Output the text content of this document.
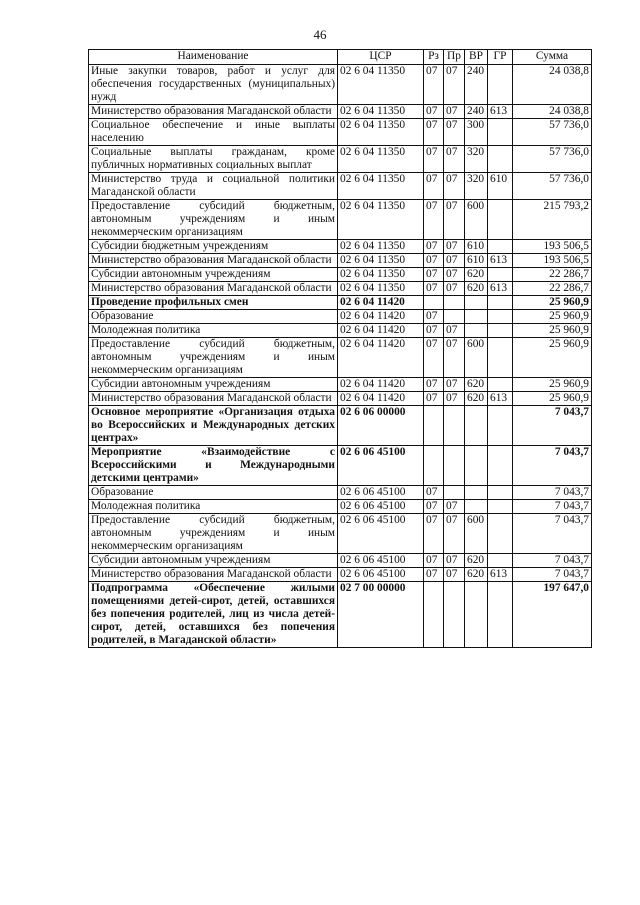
46
Наименование	ЦСР	Рз	Пр	ВР	ГР	Сумма
Иные закупки товаров, работ и услуг для обеспечения государственных (муниципальных) нужд	02 6 04 11350	07	07	240		24 038,8
Министерство образования Магаданской области	02 6 04 11350	07	07	240	613	24 038,8
Социальное обеспечение и иные выплаты населению	02 6 04 11350	07	07	300		57 736,0
Социальные выплаты гражданам, кроме публичных нормативных социальных выплат	02 6 04 11350	07	07	320		57 736,0
Министерство труда и социальной политики Магаданской области	02 6 04 11350	07	07	320	610	57 736,0
Предоставление субсидий бюджетным, автономным учреждениям и иным некоммерческим организациям	02 6 04 11350	07	07	600		215 793,2
Субсидии бюджетным учреждениям	02 6 04 11350	07	07	610		193 506,5
Министерство образования Магаданской области	02 6 04 11350	07	07	610	613	193 506,5
Субсидии автономным учреждениям	02 6 04 11350	07	07	620		22 286,7
Министерство образования Магаданской области	02 6 04 11350	07	07	620	613	22 286,7
Проведение профильных смен	02 6 04 11420					25 960,9
Образование	02 6 04 11420	07				25 960,9
Молодежная политика	02 6 04 11420	07	07			25 960,9
Предоставление субсидий бюджетным, автономным учреждениям и иным некоммерческим организациям	02 6 04 11420	07	07	600		25 960,9
Субсидии автономным учреждениям	02 6 04 11420	07	07	620		25 960,9
Министерство образования Магаданской области	02 6 04 11420	07	07	620	613	25 960,9
Основное мероприятие «Организация отдыха во Всероссийских и Международных детских центрах»	02 6 06 00000					7 043,7
Мероприятие «Взаимодействие с Всероссийскими и Международными детскими центрами»	02 6 06 45100					7 043,7
Образование	02 6 06 45100	07				7 043,7
Молодежная политика	02 6 06 45100	07	07			7 043,7
Предоставление субсидий бюджетным, автономным учреждениям и иным некоммерческим организациям	02 6 06 45100	07	07	600		7 043,7
Субсидии автономным учреждениям	02 6 06 45100	07	07	620		7 043,7
Министерство образования Магаданской области	02 6 06 45100	07	07	620	613	7 043,7
Подпрограмма «Обеспечение жилыми помещениями детей-сирот, детей, оставшихся без попечения родителей, лиц из числа детей-сирот, детей, оставшихся без попечения родителей, в Магаданской области»	02 7 00 00000					197 647,0
